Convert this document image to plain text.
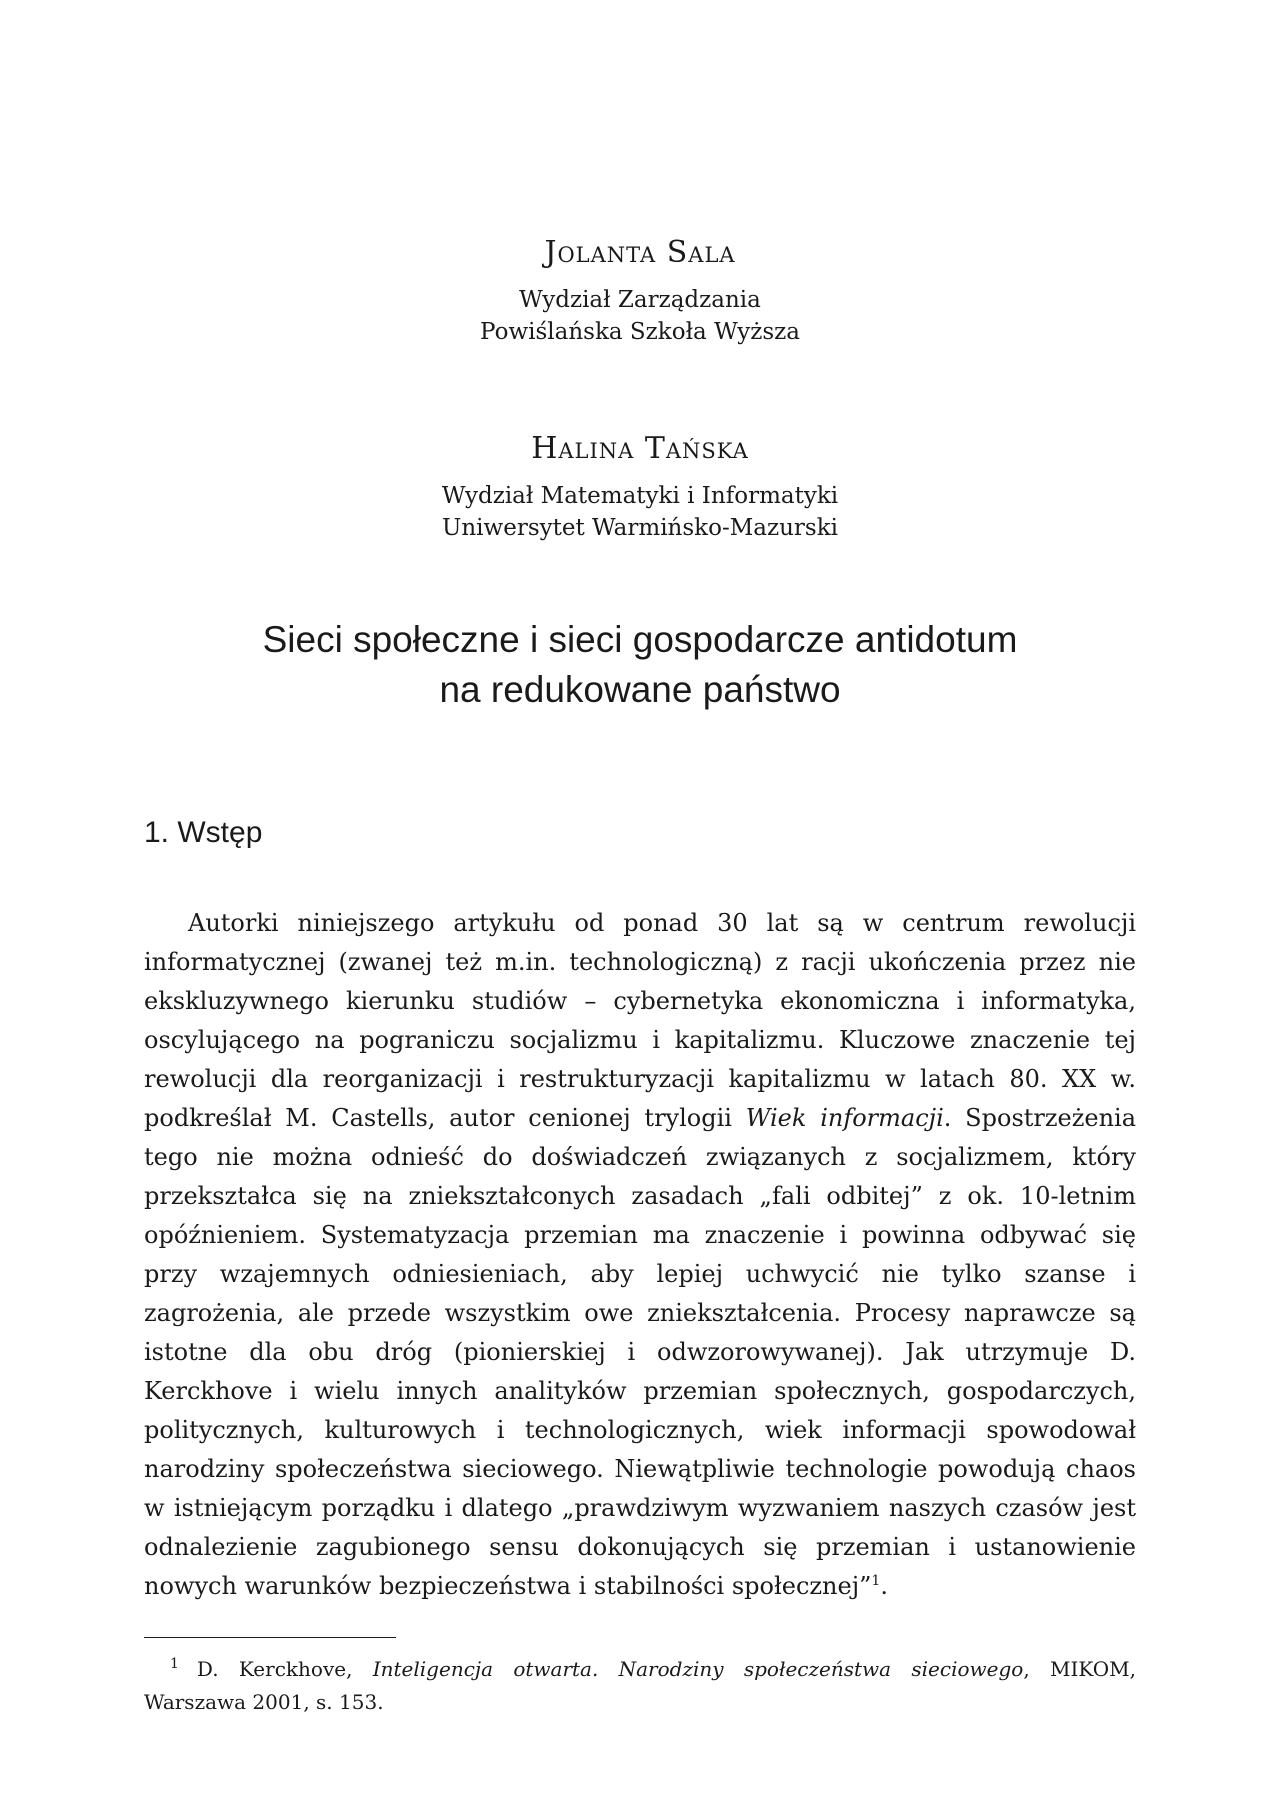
Jolanta Sala
Wydział Zarządzania
Powiślańska Szkoła Wyższa
Halina Tańska
Wydział Matematyki i Informatyki
Uniwersytet Warmińsko-Mazurski
Sieci społeczne i sieci gospodarcze antidotum
na redukowane państwo
1. Wstęp

Autorki niniejszego artykułu od ponad 30 lat są w centrum rewolucji informatycznej (zwanej też m.in. technologiczną) z racji ukończenia przez nie ekskluzywnego kierunku studiów – cybernetyka ekonomiczna i informatyka, oscylującego na pograniczu socjalizmu i kapitalizmu. Kluczowe znaczenie tej rewolucji dla reorganizacji i restrukturyzacji kapitalizmu w latach 80. XX w. podkreślał M. Castells, autor cenionej trylogii Wiek informacji. Spostrzeżenia tego nie można odnieść do doświadczeń związanych z socjalizmem, który przekształca się na zniekształconych zasadach „fali odbitej” z ok. 10-letnim opóźnieniem. Systematyzacja przemian ma znaczenie i powinna odbywać się przy wzajemnych odniesieniach, aby lepiej uchwycić nie tylko szanse i zagrożenia, ale przede wszystkim owe zniekształcenia. Procesy naprawcze są istotne dla obu dróg (pionierskiej i odwzorowywanej). Jak utrzymuje D. Kerckhove i wielu innych analityków przemian społecznych, gospodarczych, politycznych, kulturowych i technologicznych, wiek informacji spowodował narodziny społeczeństwa sieciowego. Niewątpliwie technologie powodują chaos w istniejącym porządku i dlatego „prawdziwym wyzwaniem naszych czasów jest odnalezienie zagubionego sensu dokonujących się przemian i ustanowienie nowych warunków bezpieczeństwa i stabilności społecznej”$^1$.

$^1$ D. Kerckhove, Inteligencja otwarta. Narodziny społeczeństwa sieciowego, MIKOM, Warszawa 2001, s. 153.
